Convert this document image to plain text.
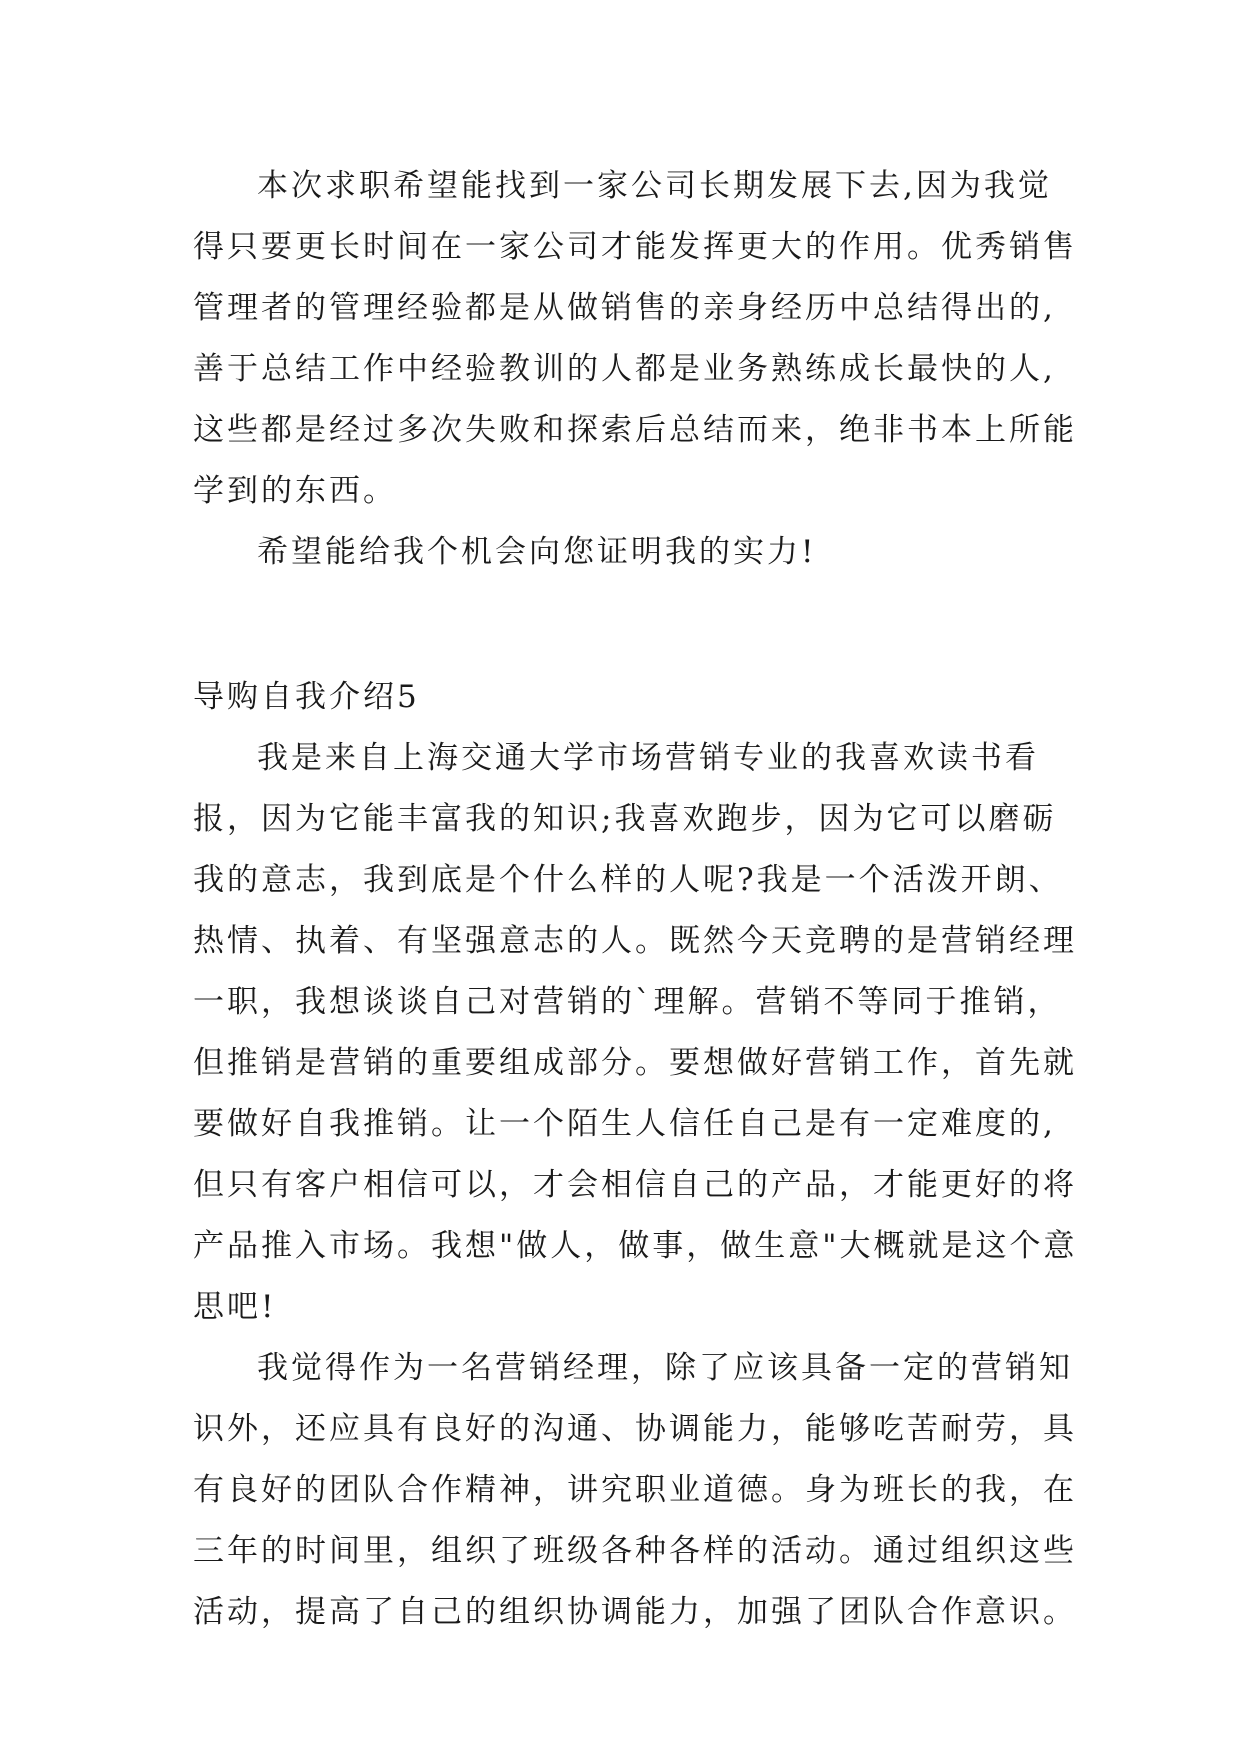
本次求职希望能找到一家公司长期发展下去,因为我觉
得只要更长时间在一家公司才能发挥更大的作用。优秀销售
管理者的管理经验都是从做销售的亲身经历中总结得出的,
善于总结工作中经验教训的人都是业务熟练成长最快的人,
这些都是经过多次失败和探索后总结而来，绝非书本上所能
学到的东西。
希望能给我个机会向您证明我的实力!
导购自我介绍5
我是来自上海交通大学市场营销专业的我喜欢读书看
报，因为它能丰富我的知识;我喜欢跑步，因为它可以磨砺
我的意志，我到底是个什么样的人呢?我是一个活泼开朗、
热情、执着、有坚强意志的人。既然今天竞聘的是营销经理
一职，我想谈谈自己对营销的`理解。营销不等同于推销，
但推销是营销的重要组成部分。要想做好营销工作，首先就
要做好自我推销。让一个陌生人信任自己是有一定难度的,
但只有客户相信可以，才会相信自己的产品，才能更好的将
产品推入市场。我想"做人，做事，做生意"大概就是这个意
思吧!
我觉得作为一名营销经理，除了应该具备一定的营销知
识外，还应具有良好的沟通、协调能力，能够吃苦耐劳，具
有良好的团队合作精神，讲究职业道德。身为班长的我，在
三年的时间里，组织了班级各种各样的活动。通过组织这些
活动，提高了自己的组织协调能力，加强了团队合作意识。
